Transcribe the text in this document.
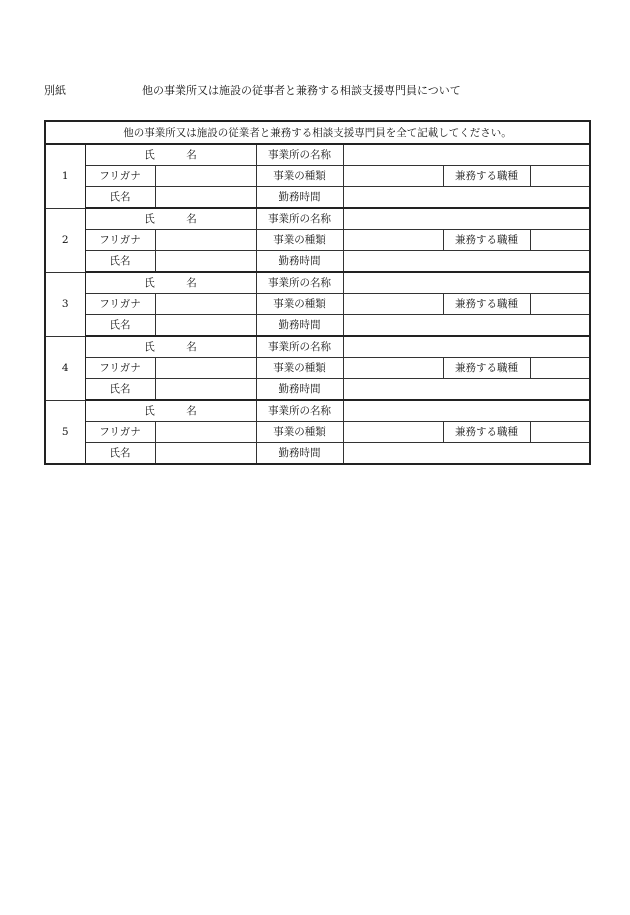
別紙	他の事業所又は施設の従事者と兼務する相談支援専門員について
他の事業所又は施設の従業者と兼務する相談支援専門員を全て記載してください。						
1	氏　　　名		事業所の名称			
	フリガナ		事業の種類		兼務する職種	
	氏名		勤務時間			
2	氏　　　名		事業所の名称			
	フリガナ		事業の種類		兼務する職種	
	氏名		勤務時間			
3	氏　　　名		事業所の名称			
	フリガナ		事業の種類		兼務する職種	
	氏名		勤務時間			
4	氏　　　名		事業所の名称			
	フリガナ		事業の種類		兼務する職種	
	氏名		勤務時間			
5	氏　　　名		事業所の名称			
	フリガナ		事業の種類		兼務する職種	
	氏名		勤務時間			
